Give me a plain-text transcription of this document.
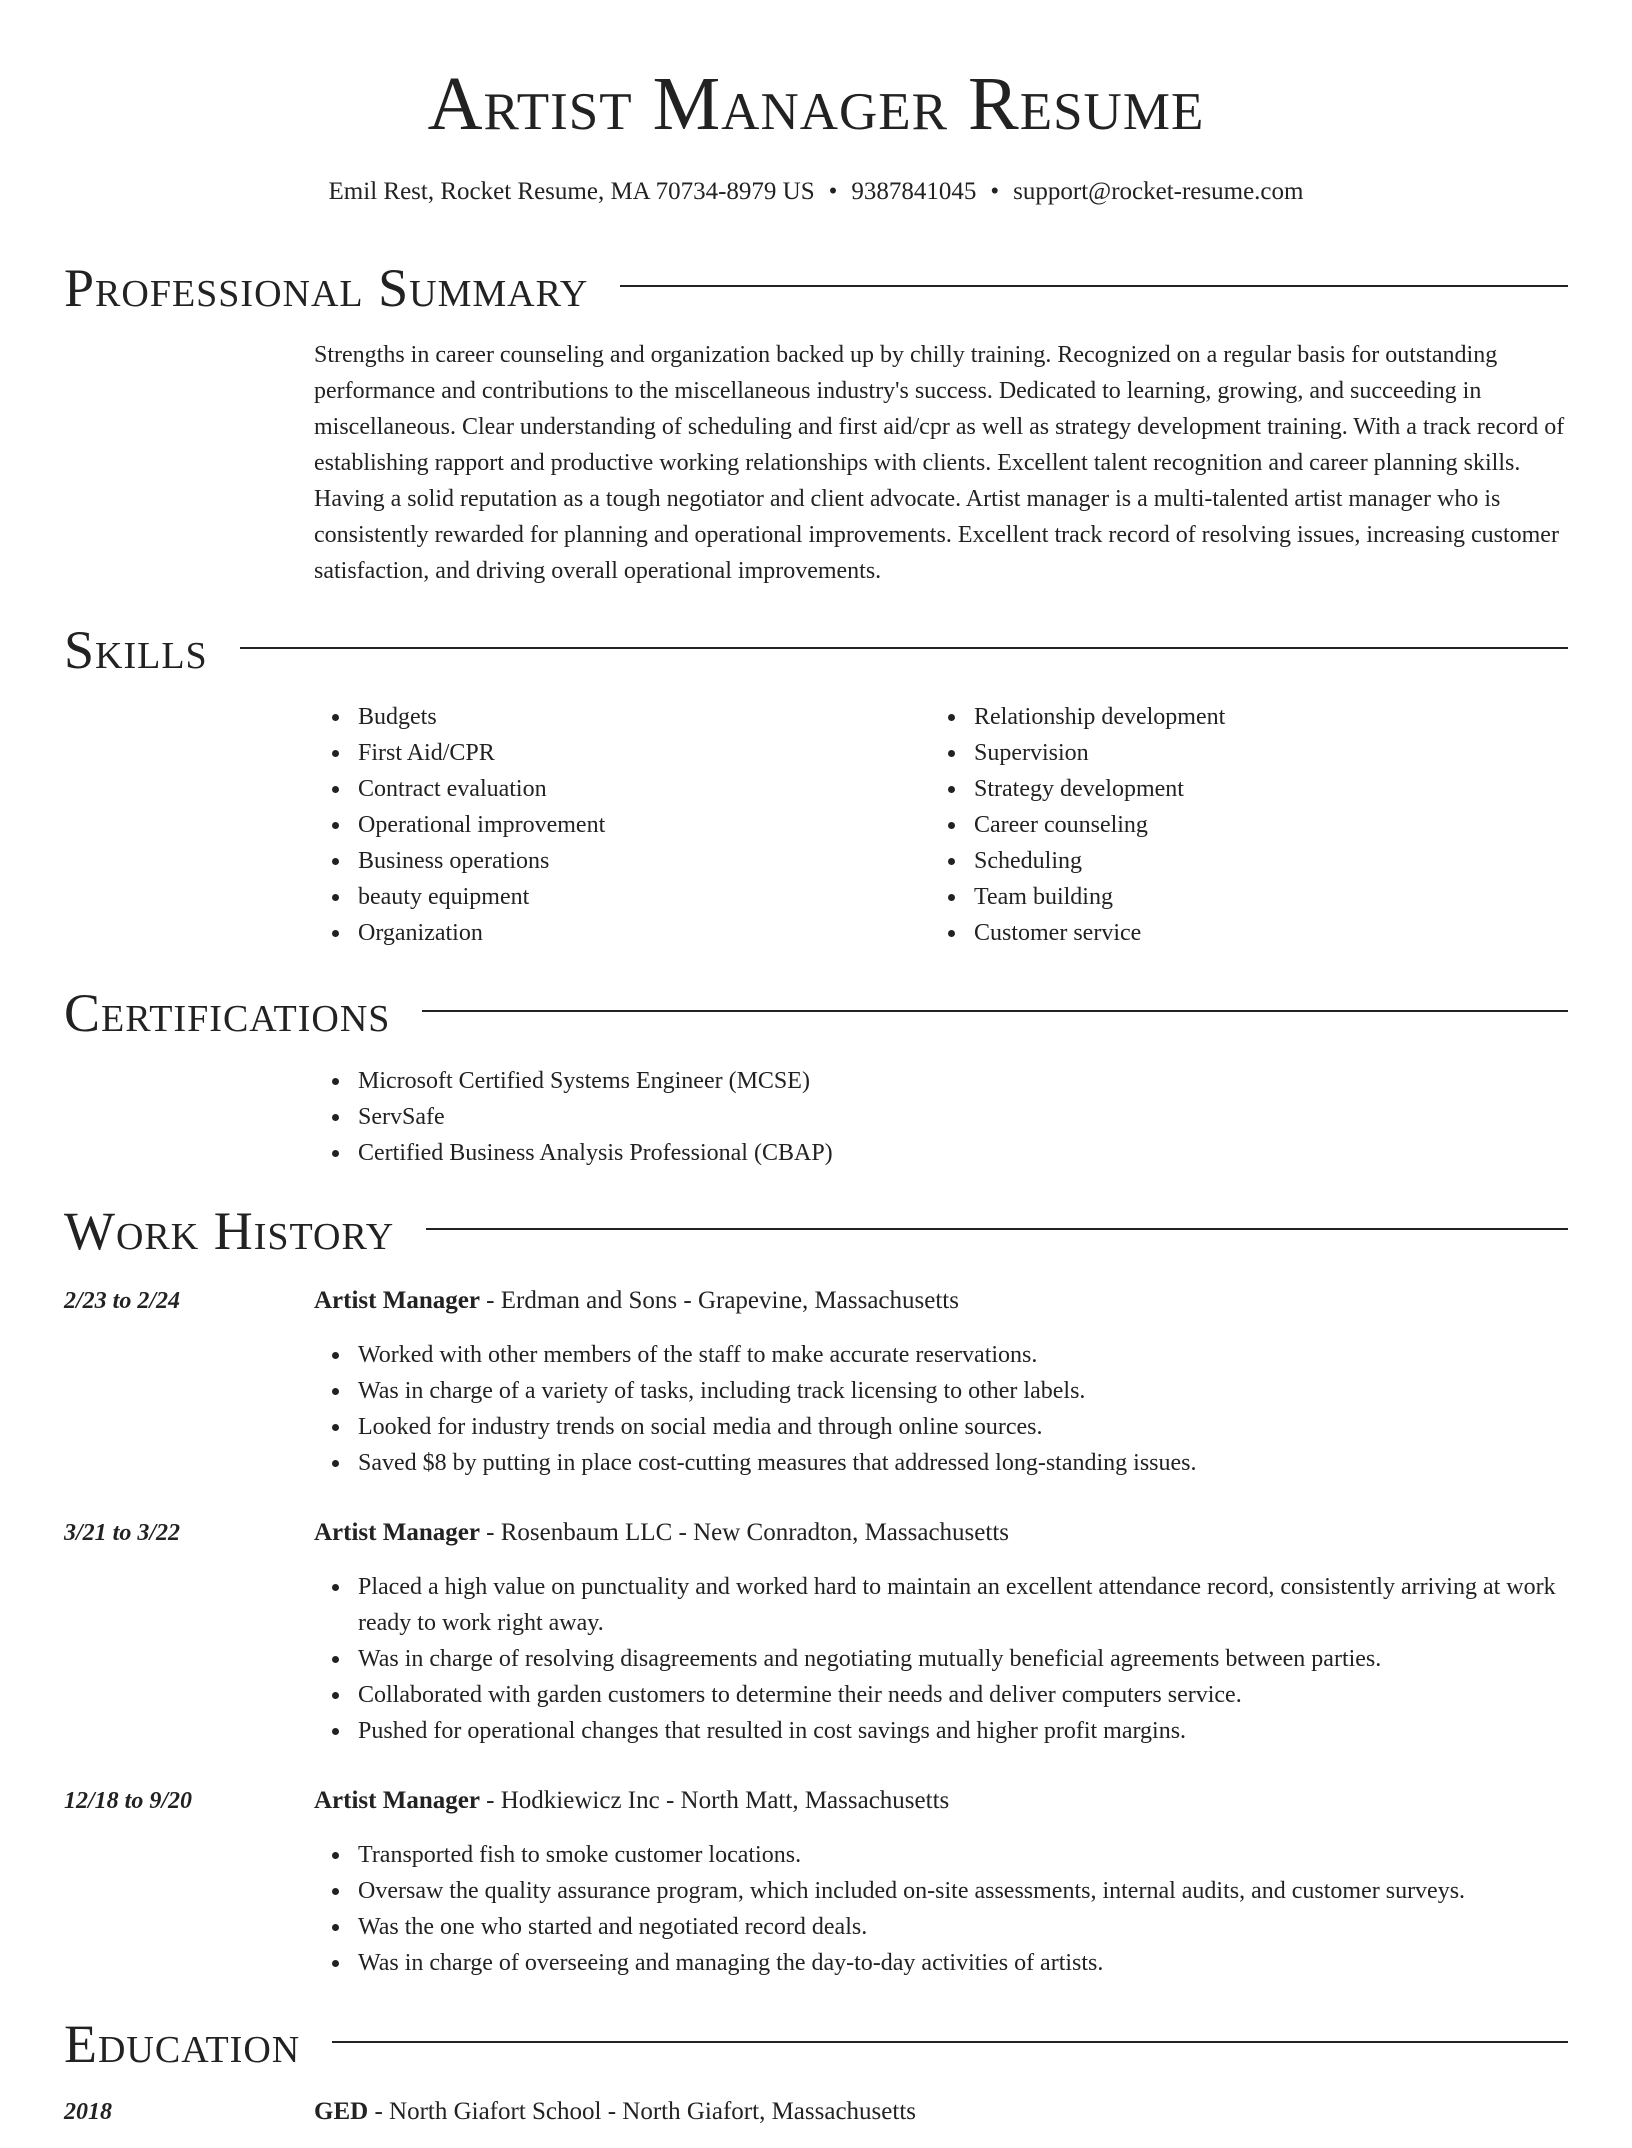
Artist Manager Resume
Emil Rest, Rocket Resume, MA 70734-8979 US • 9387841045 • support@rocket-resume.com
Professional Summary

Strengths in career counseling and organization backed up by chilly training. Recognized on a regular basis for outstanding performance and contributions to the miscellaneous industry's success. Dedicated to learning, growing, and succeeding in miscellaneous. Clear understanding of scheduling and first aid/cpr as well as strategy development training. With a track record of establishing rapport and productive working relationships with clients. Excellent talent recognition and career planning skills. Having a solid reputation as a tough negotiator and client advocate. Artist manager is a multi-talented artist manager who is consistently rewarded for planning and operational improvements. Excellent track record of resolving issues, increasing customer satisfaction, and driving overall operational improvements.

Skills
Budgets
First Aid/CPR
Contract evaluation
Operational improvement
Business operations
beauty equipment
Organization
Relationship development
Supervision
Strategy development
Career counseling
Scheduling
Team building
Customer service
Certifications
Microsoft Certified Systems Engineer (MCSE)
ServSafe
Certified Business Analysis Professional (CBAP)
Work History
2/23 to 2/24	Artist Manager - Erdman and Sons - Grapevine, Massachusetts
Worked with other members of the staff to make accurate reservations.
Was in charge of a variety of tasks, including track licensing to other labels.
Looked for industry trends on social media and through online sources.
Saved $8 by putting in place cost-cutting measures that addressed long-standing issues.
3/21 to 3/22	Artist Manager - Rosenbaum LLC - New Conradton, Massachusetts
Placed a high value on punctuality and worked hard to maintain an excellent attendance record, consistently arriving at work ready to work right away.
Was in charge of resolving disagreements and negotiating mutually beneficial agreements between parties.
Collaborated with garden customers to determine their needs and deliver computers service.
Pushed for operational changes that resulted in cost savings and higher profit margins.
12/18 to 9/20	Artist Manager - Hodkiewicz Inc - North Matt, Massachusetts
Transported fish to smoke customer locations.
Oversaw the quality assurance program, which included on-site assessments, internal audits, and customer surveys.
Was the one who started and negotiated record deals.
Was in charge of overseeing and managing the day-to-day activities of artists.
Education
2018	GED - North Giafort School - North Giafort, Massachusetts
